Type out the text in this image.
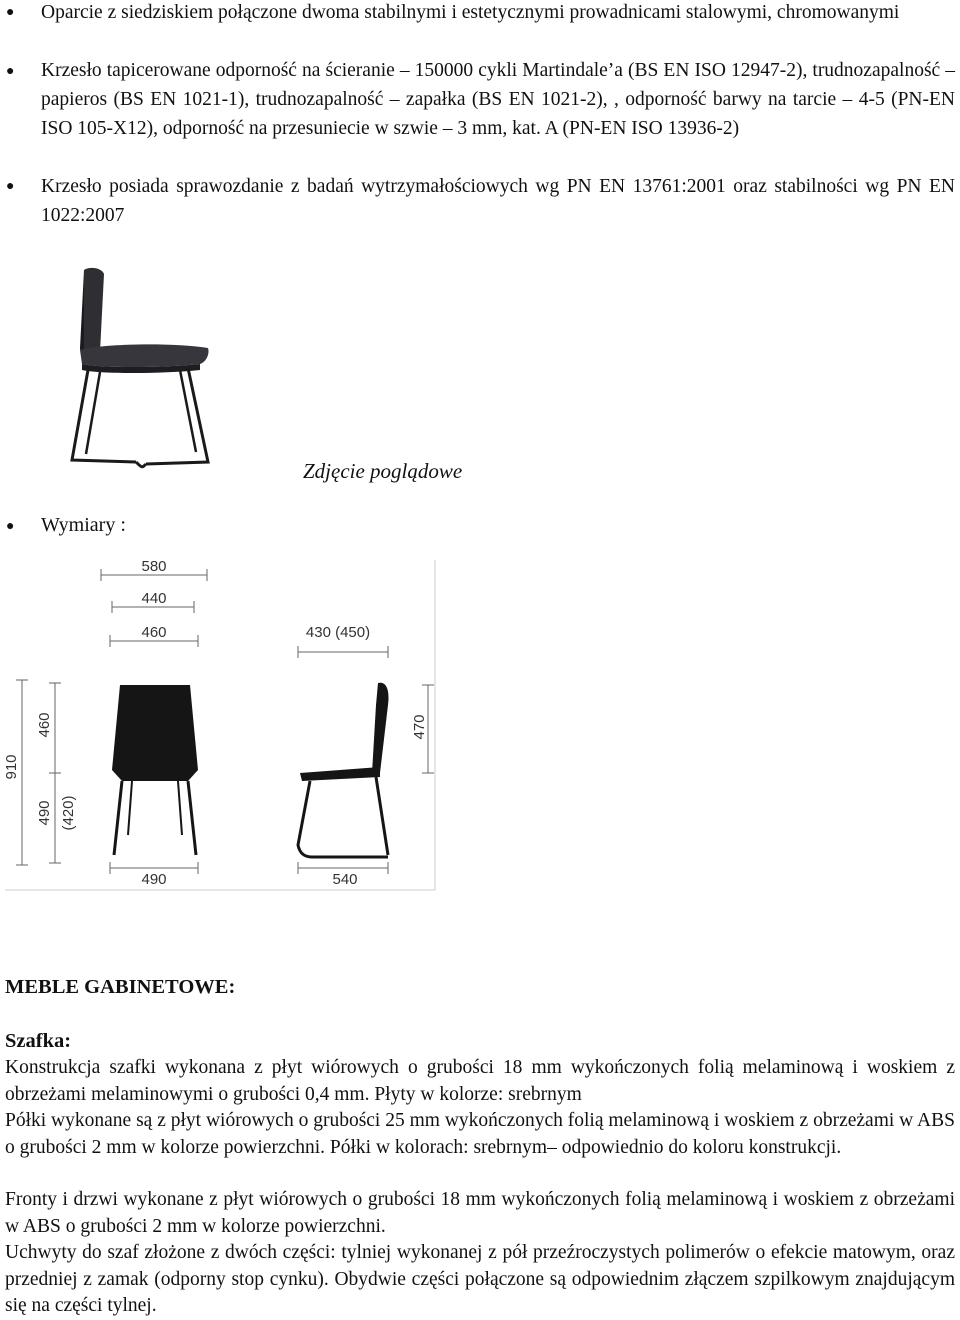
● Oparcie z siedziskiem połączone dwoma stabilnymi i estetycznymi prowadnicami stalowymi, chromowanymi
● Krzesło tapicerowane odporność na ścieranie – 150000 cykli Martindale’a (BS EN ISO 12947-2), trudnozapalność – papieros (BS EN 1021-1), trudnozapalność – zapałka (BS EN 1021-2), , odporność barwy na tarcie – 4-5 (PN-EN ISO 105-X12), odporność na przesuniecie w szwie – 3 mm, kat. A (PN-EN ISO 13936-2)
● Krzesło posiada sprawozdanie z badań wytrzymałościowych wg PN EN 13761:2001 oraz stabilności wg PN EN 1022:2007
Zdjęcie poglądowe
● Wymiary :
580
440
460	430 (450)
910
460
490 (420)
470
490	540
MEBLE GABINETOWE:
Szafka:
Konstrukcja szafki wykonana z płyt wiórowych o grubości 18 mm wykończonych folią melaminową i woskiem z obrzeżami melaminowymi o grubości 0,4 mm. Płyty w kolorze: srebrnym
Półki wykonane są z płyt wiórowych o grubości 25 mm wykończonych folią melaminową i woskiem z obrzeżami w ABS o grubości 2 mm w kolorze powierzchni. Półki w kolorach: srebrnym– odpowiednio do koloru konstrukcji.
Fronty i drzwi wykonane z płyt wiórowych o grubości 18 mm wykończonych folią melaminową i woskiem z obrzeżami w ABS o grubości 2 mm w kolorze powierzchni.
Uchwyty do szaf złożone z dwóch części: tylniej wykonanej z pół przeźroczystych polimerów o efekcie matowym, oraz przedniej z zamak (odporny stop cynku). Obydwie części połączone są odpowiednim złączem szpilkowym znajdującym się na części tylnej.
